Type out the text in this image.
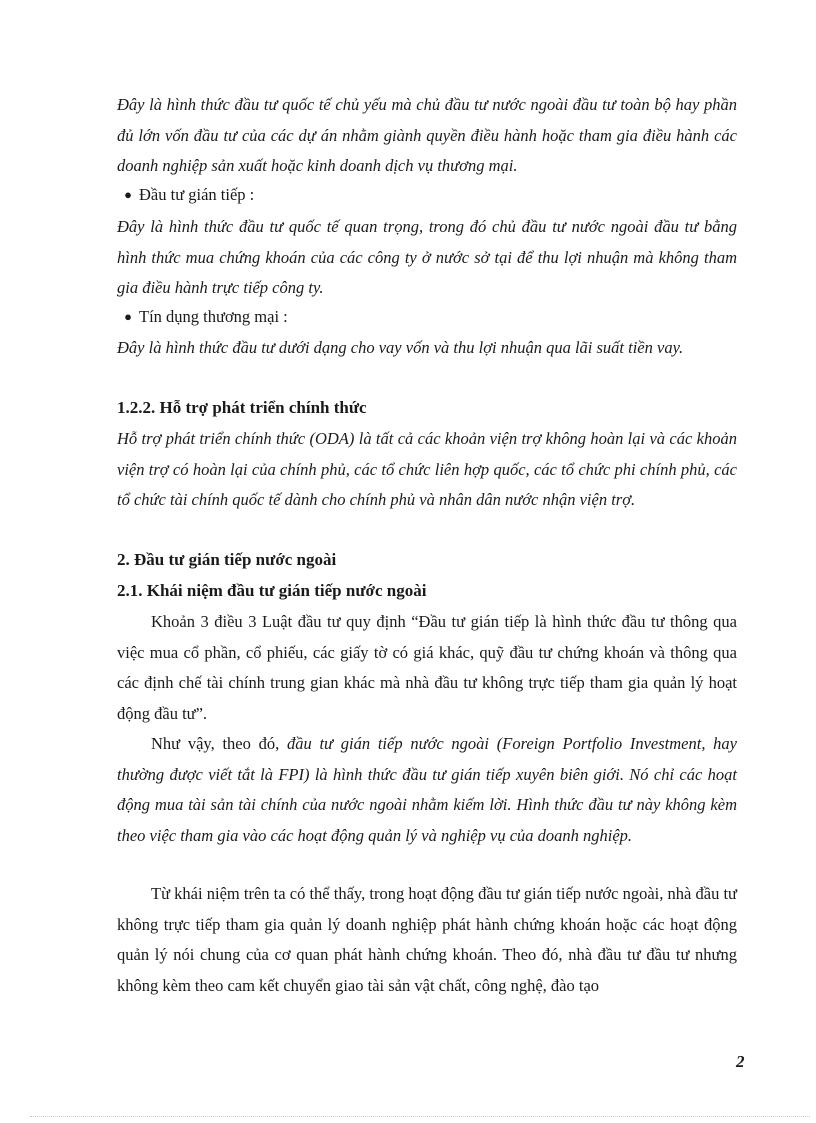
Đây là hình thức đầu tư quốc tế chủ yếu mà chủ đầu tư nước ngoài đầu tư toàn bộ hay phần đủ lớn vốn đầu tư của các dự án nhằm giành quyền điều hành hoặc tham gia điều hành các doanh nghiệp sản xuất hoặc kinh doanh dịch vụ thương mại.
● Đầu tư gián tiếp :
Đây là hình thức đầu tư quốc tế quan trọng, trong đó chủ đầu tư nước ngoài đầu tư bằng hình thức mua chứng khoán của các công ty ở nước sở tại để thu lợi nhuận mà không tham gia điều hành trực tiếp công ty.
● Tín dụng thương mại :
Đây là hình thức đầu tư dưới dạng cho vay vốn và thu lợi nhuận qua lãi suất tiền vay.
1.2.2. Hỗ trợ phát triển chính thức
Hỗ trợ phát triển chính thức (ODA) là tất cả các khoản viện trợ không hoàn lại và các khoản viện trợ có hoàn lại của chính phủ, các tổ chức liên hợp quốc, các tổ chức phi chính phủ, các tổ chức tài chính quốc tế dành cho chính phủ và nhân dân nước nhận viện trợ.
2. Đầu tư gián tiếp nước ngoài
2.1. Khái niệm đầu tư gián tiếp nước ngoài
Khoản 3 điều 3 Luật đầu tư quy định “Đầu tư gián tiếp là hình thức đầu tư thông qua việc mua cổ phần, cổ phiếu, các giấy tờ có giá khác, quỹ đầu tư chứng khoán và thông qua các định chế tài chính trung gian khác mà nhà đầu tư không trực tiếp tham gia quản lý hoạt động đầu tư”.
Như vậy, theo đó, đầu tư gián tiếp nước ngoài (Foreign Portfolio Investment, hay thường được viết tắt là FPI) là hình thức đầu tư gián tiếp xuyên biên giới. Nó chỉ các hoạt động mua tài sản tài chính của nước ngoài nhằm kiếm lời. Hình thức đầu tư này không kèm theo việc tham gia vào các hoạt động quản lý và nghiệp vụ của doanh nghiệp.
Từ khái niệm trên ta có thể thấy, trong hoạt động đầu tư gián tiếp nước ngoài, nhà đầu tư không trực tiếp tham gia quản lý doanh nghiệp phát hành chứng khoán hoặc các hoạt động quản lý nói chung của cơ quan phát hành chứng khoán. Theo đó, nhà đầu tư đầu tư nhưng không kèm theo cam kết chuyển giao tài sản vật chất, công nghệ, đào tạo
2
